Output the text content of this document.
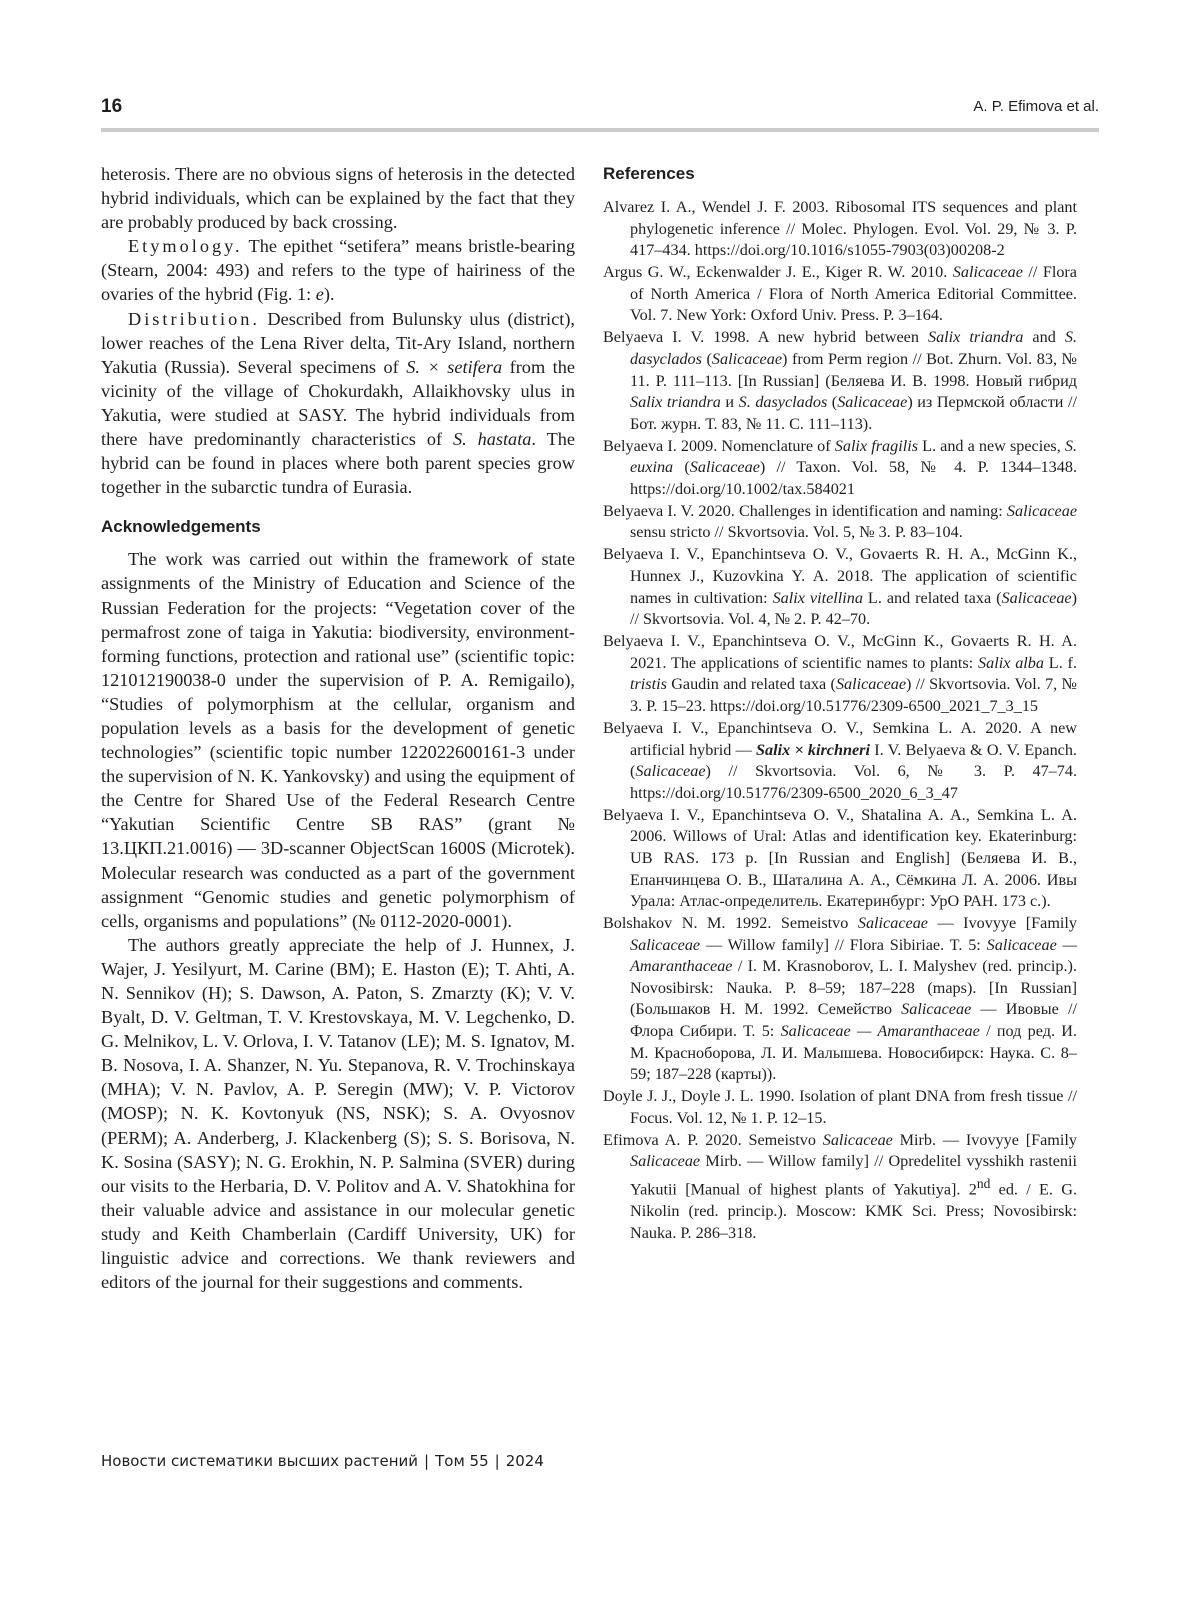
16	A. P. Efimova et al.

heterosis. There are no obvious signs of heterosis in the detected hybrid individuals, which can be explained by the fact that they are probably produced by back crossing.

Etymology. The epithet “setifera” means bristle-bearing (Stearn, 2004: 493) and refers to the type of hairiness of the ovaries of the hybrid (Fig. 1: e).

Distribution. Described from Bulunsky ulus (district), lower reaches of the Lena River delta, Tit-Ary Island, northern Yakutia (Russia). Several specimens of S. × setifera from the vicinity of the village of Chokurdakh, Allaikhovsky ulus in Yakutia, were studied at SASY. The hybrid individuals from there have predominantly characteristics of S. hastata. The hybrid can be found in places where both parent species grow together in the subarctic tundra of Eurasia.

Acknowledgements

The work was carried out within the framework of state assignments of the Ministry of Education and Science of the Russian Federation for the projects: “Vegetation cover of the permafrost zone of taiga in Yakutia: biodiversity, environment-forming functions, protection and rational use” (scientific topic: 121012190038-0 under the supervision of P. A. Remigailo), “Studies of polymorphism at the cellular, organism and population levels as a basis for the development of genetic technologies” (scientific topic number 122022600161-3 under the supervision of N. K. Yankovsky) and using the equipment of the Centre for Shared Use of the Federal Research Centre “Yakutian Scientific Centre SB RAS” (grant № 13.ЦКП.21.0016) — 3D-scanner ObjectScan 1600S (Microtek). Molecular research was conducted as a part of the government assignment “Genomic studies and genetic polymorphism of cells, organisms and populations” (№ 0112-2020-0001).

The authors greatly appreciate the help of J. Hunnex, J. Wajer, J. Yesilyurt, M. Carine (BM); E. Haston (E); T. Ahti, A. N. Sennikov (H); S. Dawson, A. Paton, S. Zmarzty (K); V. V. Byalt, D. V. Geltman, T. V. Krestovskaya, M. V. Legchenko, D. G. Melnikov, L. V. Orlova, I. V. Tatanov (LE); M. S. Ignatov, M. B. Nosova, I. A. Shanzer, N. Yu. Stepanova, R. V. Trochinskaya (MHA); V. N. Pavlov, A. P. Seregin (MW); V. P. Victorov (MOSP); N. K. Kovtonyuk (NS, NSK); S. A. Ovyosnov (PERM); A. Anderberg, J. Klackenberg (S); S. S. Borisova, N. K. Sosina (SASY); N. G. Erokhin, N. P. Salmina (SVER) during our visits to the Herbaria, D. V. Politov and A. V. Shatokhina for their valuable advice and assistance in our molecular genetic study and Keith Chamberlain (Cardiff University, UK) for linguistic advice and corrections. We thank reviewers and editors of the journal for their suggestions and comments.

References
Alvarez I. A., Wendel J. F. 2003. Ribosomal ITS sequences and plant phylogenetic inference // Molec. Phylogen. Evol. Vol. 29, № 3. P. 417–434. https://doi.org/10.1016/s1055-7903(03)00208-2
Argus G. W., Eckenwalder J. E., Kiger R. W. 2010. Salicaceae // Flora of North America / Flora of North America Editorial Committee. Vol. 7. New York: Oxford Univ. Press. P. 3–164.
Belyaeva I. V. 1998. A new hybrid between Salix triandra and S. dasyclados (Salicaceae) from Perm region // Bot. Zhurn. Vol. 83, № 11. P. 111–113. [In Russian] (Беляева И. В. 1998. Новый гибрид Salix triandra и S. dasyclados (Salicaceae) из Пермской области // Бот. журн. Т. 83, № 11. С. 111–113).
Belyaeva I. 2009. Nomenclature of Salix fragilis L. and a new species, S. euxina (Salicaceae) // Taxon. Vol. 58, № 4. P. 1344–1348. https://doi.org/10.1002/tax.584021
Belyaeva I. V. 2020. Challenges in identification and naming: Salicaceae sensu stricto // Skvortsovia. Vol. 5, № 3. P. 83–104.
Belyaeva I. V., Epanchintseva O. V., Govaerts R. H. A., McGinn K., Hunnex J., Kuzovkina Y. A. 2018. The application of scientific names in cultivation: Salix vitellina L. and related taxa (Salicaceae) // Skvortsovia. Vol. 4, № 2. P. 42–70.
Belyaeva I. V., Epanchintseva O. V., McGinn K., Govaerts R. H. A. 2021. The applications of scientific names to plants: Salix alba L. f. tristis Gaudin and related taxa (Salicaceae) // Skvortsovia. Vol. 7, № 3. P. 15–23. https://doi.org/10.51776/2309-6500_2021_7_3_15
Belyaeva I. V., Epanchintseva O. V., Semkina L. A. 2020. A new artificial hybrid — Salix × kirchneri I. V. Belyaeva & O. V. Epanch. (Salicaceae) // Skvortsovia. Vol. 6, № 3. P. 47–74. https://doi.org/10.51776/2309-6500_2020_6_3_47
Belyaeva I. V., Epanchintseva O. V., Shatalina A. A., Semkina L. A. 2006. Willows of Ural: Atlas and identification key. Ekaterinburg: UB RAS. 173 p. [In Russian and English] (Беляева И. В., Епанчинцева О. В., Шаталина А. А., Сёмкина Л. А. 2006. Ивы Урала: Атлас-определитель. Екатеринбург: УрО РАН. 173 с.).
Bolshakov N. M. 1992. Semeistvo Salicaceae — Ivovyye [Family Salicaceae — Willow family] // Flora Sibiriae. T. 5: Salicaceae — Amaranthaceae / I. M. Krasnoborov, L. I. Malyshev (red. princip.). Novosibirsk: Nauka. P. 8–59; 187–228 (maps). [In Russian] (Большаков Н. М. 1992. Семейство Salicaceae — Ивовые // Флора Сибири. Т. 5: Salicaceae — Amaranthaceae / под ред. И. М. Красноборова, Л. И. Малышева. Новосибирск: Наука. С. 8–59; 187–228 (карты)).
Doyle J. J., Doyle J. L. 1990. Isolation of plant DNA from fresh tissue // Focus. Vol. 12, № 1. P. 12–15.
Efimova A. P. 2020. Semeistvo Salicaceae Mirb. — Ivovyye [Family Salicaceae Mirb. — Willow family] // Opredelitel vysshikh rastenii Yakutii [Manual of highest plants of Yakutiya]. 2nd ed. / E. G. Nikolin (red. princip.). Moscow: KMK Sci. Press; Novosibirsk: Nauka. P. 286–318.
Новости систематики высших растений | Том 55 | 2024
